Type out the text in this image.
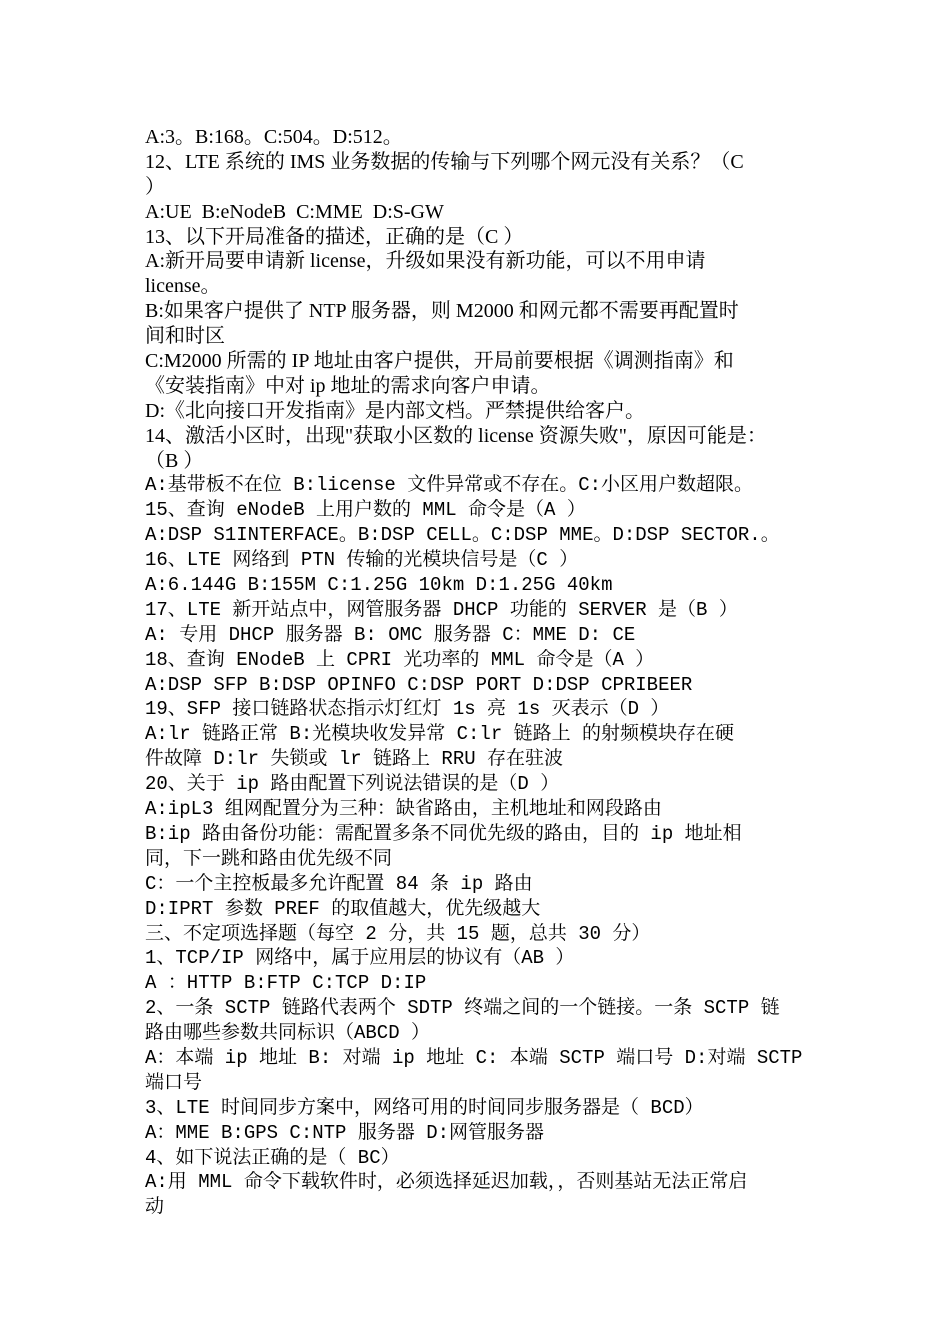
A:3。B:168。C:504。D:512。
12、LTE 系统的 IMS 业务数据的传输与下列哪个网元没有关系？（C
）
A:UE  B:eNodeB  C:MME  D:S-GW
13、以下开局准备的描述，正确的是（C ）
A:新开局要申请新 license，升级如果没有新功能，可以不用申请
license。
B:如果客户提供了 NTP 服务器，则 M2000 和网元都不需要再配置时
间和时区
C:M2000 所需的 IP 地址由客户提供，开局前要根据《调测指南》和
《安装指南》中对 ip 地址的需求向客户申请。
D:《北向接口开发指南》是内部文档。严禁提供给客户。
14、激活小区时，出现"获取小区数的 license 资源失败"，原因可能是：
（B ）
A:基带板不在位 B:license 文件异常或不存在。C:小区用户数超限。
15、查询 eNodeB 上用户数的 MML 命令是（A ）
A:DSP S1INTERFACE。B:DSP CELL。C:DSP MME。D:DSP SECTOR.。
16、LTE 网络到 PTN 传输的光模块信号是（C ）
A:6.144G B:155M C:1.25G 10km D:1.25G 40km
17、LTE 新开站点中，网管服务器 DHCP 功能的 SERVER 是（B ）
A: 专用 DHCP 服务器 B: OMC 服务器 C：MME D: CE
18、查询 ENodeB 上 CPRI 光功率的 MML 命令是（A ）
A:DSP SFP B:DSP OPINFO C:DSP PORT D:DSP CPRIBEER
19、SFP 接口链路状态指示灯红灯 1s 亮 1s 灭表示（D ）
A:lr 链路正常 B:光模块收发异常 C:lr 链路上 的射频模块存在硬
件故障 D:lr 失锁或 lr 链路上 RRU 存在驻波
20、关于 ip 路由配置下列说法错误的是（D ）
A:ipL3 组网配置分为三种：缺省路由，主机地址和网段路由
B:ip 路由备份功能：需配置多条不同优先级的路由，目的 ip 地址相
同，下一跳和路由优先级不同
C：一个主控板最多允许配置 84 条 ip 路由
D:IPRT 参数 PREF 的取值越大，优先级越大
三、不定项选择题（每空 2 分，共 15 题，总共 30 分）
1、TCP/IP 网络中，属于应用层的协议有（AB ）
A ：HTTP B:FTP C:TCP D:IP
2、一条 SCTP 链路代表两个 SDTP 终端之间的一个链接。一条 SCTP 链
路由哪些参数共同标识（ABCD ）
A：本端 ip 地址 B: 对端 ip 地址 C: 本端 SCTP 端口号 D:对端 SCTP
端口号
3、LTE 时间同步方案中，网络可用的时间同步服务器是（ BCD）
A：MME B:GPS C:NTP 服务器 D:网管服务器
4、如下说法正确的是（ BC）
A:用 MML 命令下载软件时，必须选择延迟加载，，否则基站无法正常启
动
